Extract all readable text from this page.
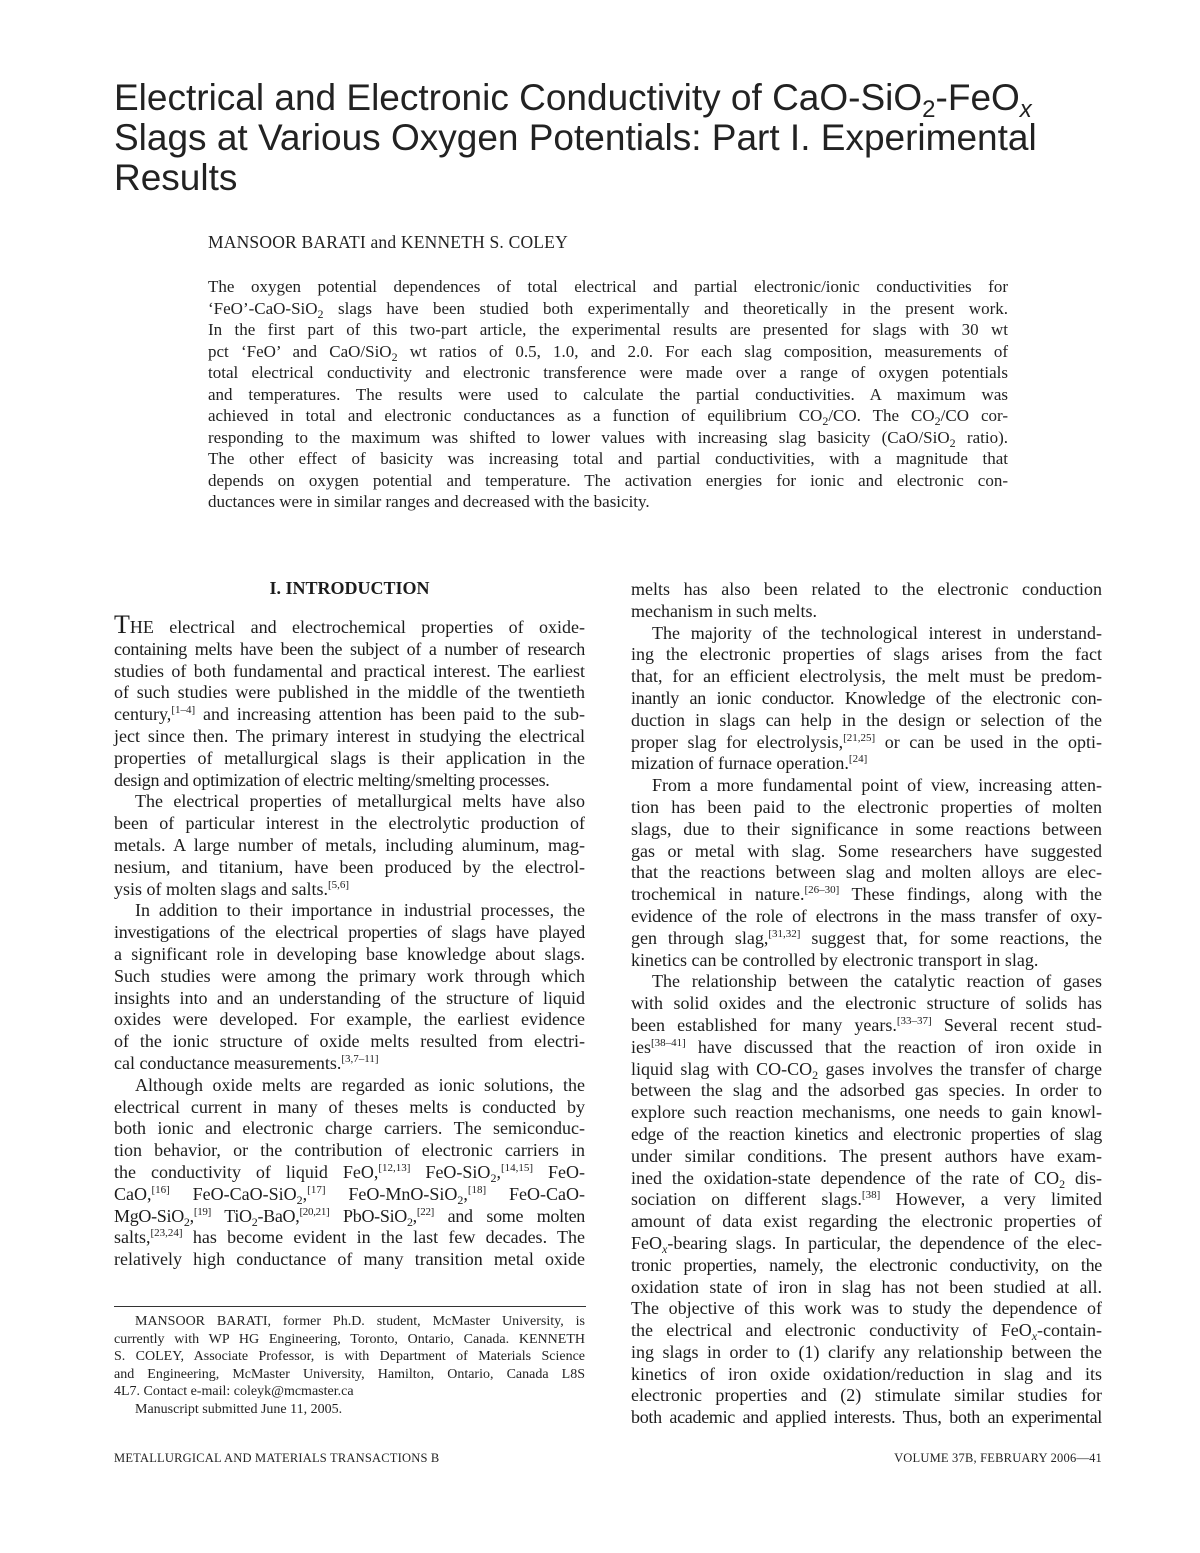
Electrical and Electronic Conductivity of CaO-SiO$_2$-FeO$_x$
Slags at Various Oxygen Potentials: Part I. Experimental
Results
MANSOOR BARATI and KENNETH S. COLEY
The oxygen potential dependences of total electrical and partial electronic/ionic conductivities for
‘FeO’-CaO-SiO$_2$ slags have been studied both experimentally and theoretically in the present work.
In the first part of this two-part article, the experimental results are presented for slags with 30 wt
pct ‘FeO’ and CaO/SiO$_2$ wt ratios of 0.5, 1.0, and 2.0. For each slag composition, measurements of
total electrical conductivity and electronic transference were made over a range of oxygen potentials
and temperatures. The results were used to calculate the partial conductivities. A maximum was
achieved in total and electronic conductances as a function of equilibrium $CO_2/CO$. The $CO_2/CO$ cor-
responding to the maximum was shifted to lower values with increasing slag basicity (CaO/SiO$_2$ ratio).
The other effect of basicity was increasing total and partial conductivities, with a magnitude that
depends on oxygen potential and temperature. The activation energies for ionic and electronic con-
ductances were in similar ranges and decreased with the basicity.
I. INTRODUCTION
THE electrical and electrochemical properties of oxide-
containing melts have been the subject of a number of research
studies of both fundamental and practical interest. The earliest
of such studies were published in the middle of the twentieth
century,[1–4] and increasing attention has been paid to the sub-
ject since then. The primary interest in studying the electrical
properties of metallurgical slags is their application in the
design and optimization of electric melting/smelting processes.
The electrical properties of metallurgical melts have also
been of particular interest in the electrolytic production of
metals. A large number of metals, including aluminum, mag-
nesium, and titanium, have been produced by the electrol-
ysis of molten slags and salts.[5,6]
In addition to their importance in industrial processes, the
investigations of the electrical properties of slags have played
a significant role in developing base knowledge about slags.
Such studies were among the primary work through which
insights into and an understanding of the structure of liquid
oxides were developed. For example, the earliest evidence
of the ionic structure of oxide melts resulted from electri-
cal conductance measurements.[3,7–11]
Although oxide melts are regarded as ionic solutions, the
electrical current in many of theses melts is conducted by
both ionic and electronic charge carriers. The semiconduc-
tion behavior, or the contribution of electronic carriers in
the conductivity of liquid FeO,[12,13] FeO-SiO$_2$,[14,15] FeO-
CaO,[16] FeO-CaO-SiO$_2$,[17] FeO-MnO-SiO$_2$,[18] FeO-CaO-
MgO-SiO$_2$,[19] TiO$_2$-BaO,[20,21] PbO-SiO$_2$,[22] and some molten
salts,[23,24] has become evident in the last few decades. The
relatively high conductance of many transition metal oxide
melts has also been related to the electronic conduction
mechanism in such melts.
The majority of the technological interest in understand-
ing the electronic properties of slags arises from the fact
that, for an efficient electrolysis, the melt must be predom-
inantly an ionic conductor. Knowledge of the electronic con-
duction in slags can help in the design or selection of the
proper slag for electrolysis,[21,25] or can be used in the opti-
mization of furnace operation.[24]
From a more fundamental point of view, increasing atten-
tion has been paid to the electronic properties of molten
slags, due to their significance in some reactions between
gas or metal with slag. Some researchers have suggested
that the reactions between slag and molten alloys are elec-
trochemical in nature.[26–30] These findings, along with the
evidence of the role of electrons in the mass transfer of oxy-
gen through slag,[31,32] suggest that, for some reactions, the
kinetics can be controlled by electronic transport in slag.
The relationship between the catalytic reaction of gases
with solid oxides and the electronic structure of solids has
been established for many years.[33–37] Several recent stud-
ies[38–41] have discussed that the reaction of iron oxide in
liquid slag with $CO-CO_2$ gases involves the transfer of charge
between the slag and the adsorbed gas species. In order to
explore such reaction mechanisms, one needs to gain knowl-
edge of the reaction kinetics and electronic properties of slag
under similar conditions. The present authors have exam-
ined the oxidation-state dependence of the rate of $CO_2$ dis-
sociation on different slags.[38] However, a very limited
amount of data exist regarding the electronic properties of
FeO$_x$-bearing slags. In particular, the dependence of the elec-
tronic properties, namely, the electronic conductivity, on the
oxidation state of iron in slag has not been studied at all.
The objective of this work was to study the dependence of
the electrical and electronic conductivity of FeO$_x$-contain-
ing slags in order to (1) clarify any relationship between the
kinetics of iron oxide oxidation/reduction in slag and its
electronic properties and (2) stimulate similar studies for
both academic and applied interests. Thus, both an experimental
MANSOOR BARATI, former Ph.D. student, McMaster University, is
currently with WP HG Engineering, Toronto, Ontario, Canada. KENNETH
S. COLEY, Associate Professor, is with Department of Materials Science
and Engineering, McMaster University, Hamilton, Ontario, Canada L8S
4L7. Contact e-mail: coleyk@mcmaster.ca
Manuscript submitted June 11, 2005.
METALLURGICAL AND MATERIALS TRANSACTIONS B	VOLUME 37B, FEBRUARY 2006—41
